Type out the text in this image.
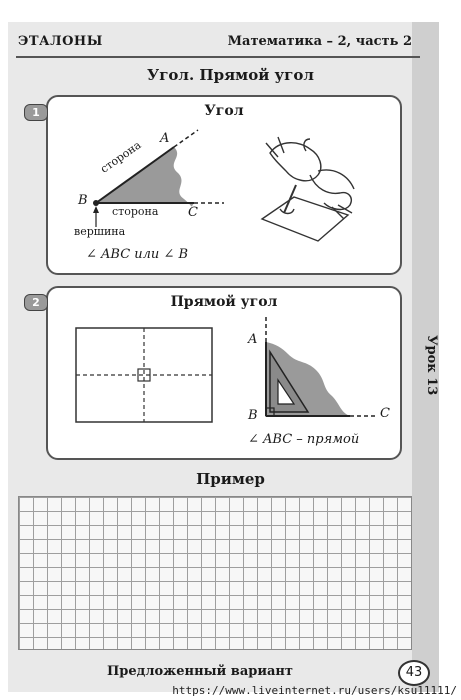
Урок 13
ЭТАЛОНЫ	Математика – 2, часть 2
Угол. Прямой угол
Угол
A
B
C
сторона
сторона
вершина
∠ ABC или ∠ B
1
Прямой угол
A
B	C
∠ ABC – прямой
2
Пример
Предложенный вариант	43
https://www.liveinternet.ru/users/ksu11111/
